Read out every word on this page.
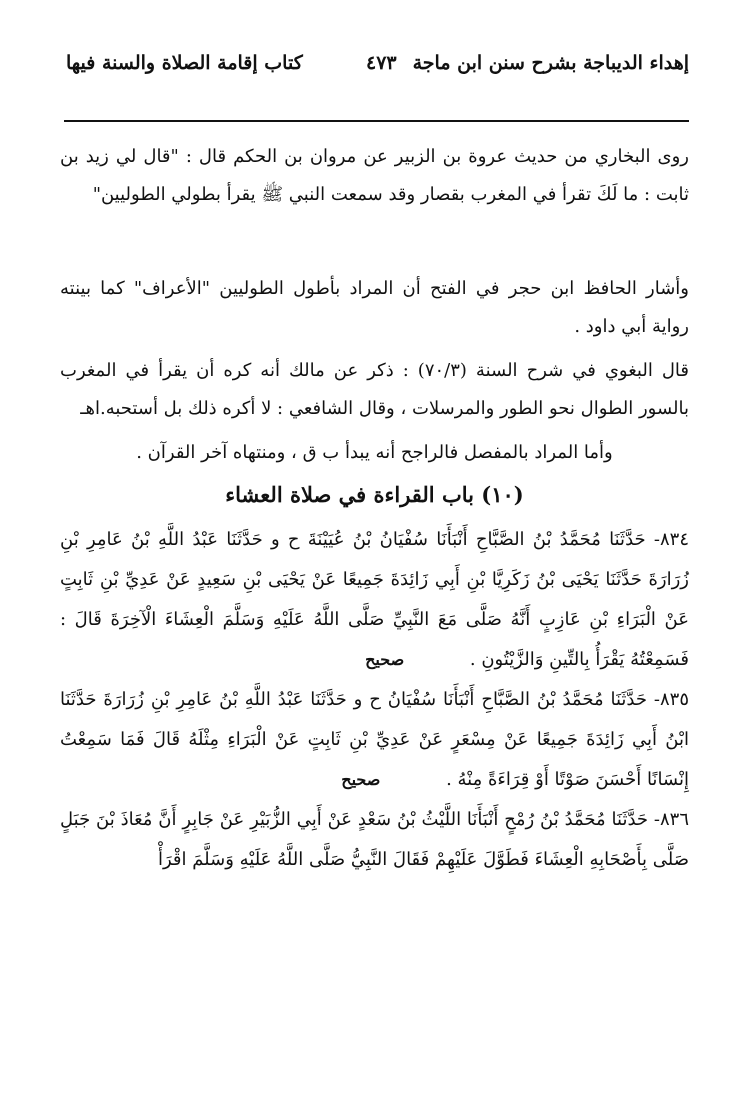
إهداء الديباجة بشرح سنن ابن ماجة
٤٧٣
كتاب إقامة الصلاة والسنة فيها

روى البخاري من حديث عروة بن الزبير عن مروان بن الحكم قال : "قال لي زيد بن ثابت : ما لَكَ تقرأ في المغرب بقصار وقد سمعت النبي ﷺ يقرأ بطولي الطوليين"

وأشار الحافظ ابن حجر في الفتح أن المراد بأطول الطوليين "الأعراف" كما بينته رواية أبي داود .

قال البغوي في شرح السنة (٧٠/٣) : ذكر عن مالك أنه كره أن يقرأ في المغرب بالسور الطوال نحو الطور والمرسلات ، وقال الشافعي : لا أكره ذلك بل أستحبه.اهـ

وأما المراد بالمفصل فالراجح أنه يبدأ ب ق ، ومنتهاه آخر القرآن .

(١٠) باب القراءة في صلاة العشاء

٨٣٤- حَدَّثَنَا مُحَمَّدُ بْنُ الصَّبَّاحِ أَنْبَأَنَا سُفْيَانُ بْنُ عُيَيْنَةَ ح و حَدَّثَنَا عَبْدُ اللَّهِ بْنُ عَامِرِ بْنِ زُرَارَةَ حَدَّثَنَا يَحْيَى بْنُ زَكَرِيَّا بْنِ أَبِي زَائِدَةَ جَمِيعًا عَنْ يَحْيَى بْنِ سَعِيدٍ عَنْ عَدِيِّ بْنِ ثَابِتٍ عَنْ الْبَرَاءِ بْنِ عَازِبٍ أَنَّهُ صَلَّى مَعَ النَّبِيِّ صَلَّى اللَّهُ عَلَيْهِ وَسَلَّمَ الْعِشَاءَ الْآخِرَةَ قَالَ : فَسَمِعْتُهُ يَقْرَأُ بِالتِّينِ وَالزَّيْتُونِ . صحيح

٨٣٥- حَدَّثَنَا مُحَمَّدُ بْنُ الصَّبَّاحِ أَنْبَأَنَا سُفْيَانُ ح و حَدَّثَنَا عَبْدُ اللَّهِ بْنُ عَامِرِ بْنِ زُرَارَةَ حَدَّثَنَا ابْنُ أَبِي زَائِدَةَ جَمِيعًا عَنْ مِسْعَرٍ عَنْ عَدِيِّ بْنِ ثَابِتٍ عَنْ الْبَرَاءِ مِثْلَهُ قَالَ فَمَا سَمِعْتُ إِنْسَانًا أَحْسَنَ صَوْتًا أَوْ قِرَاءَةً مِنْهُ . صحيح

٨٣٦- حَدَّثَنَا مُحَمَّدُ بْنُ رُمْحٍ أَنْبَأَنَا اللَّيْثُ بْنُ سَعْدٍ عَنْ أَبِي الزُّبَيْرِ عَنْ جَابِرٍ أَنَّ مُعَاذَ بْنَ جَبَلٍ صَلَّى بِأَصْحَابِهِ الْعِشَاءَ فَطَوَّلَ عَلَيْهِمْ فَقَالَ النَّبِيُّ صَلَّى اللَّهُ عَلَيْهِ وَسَلَّمَ اقْرَأْ
